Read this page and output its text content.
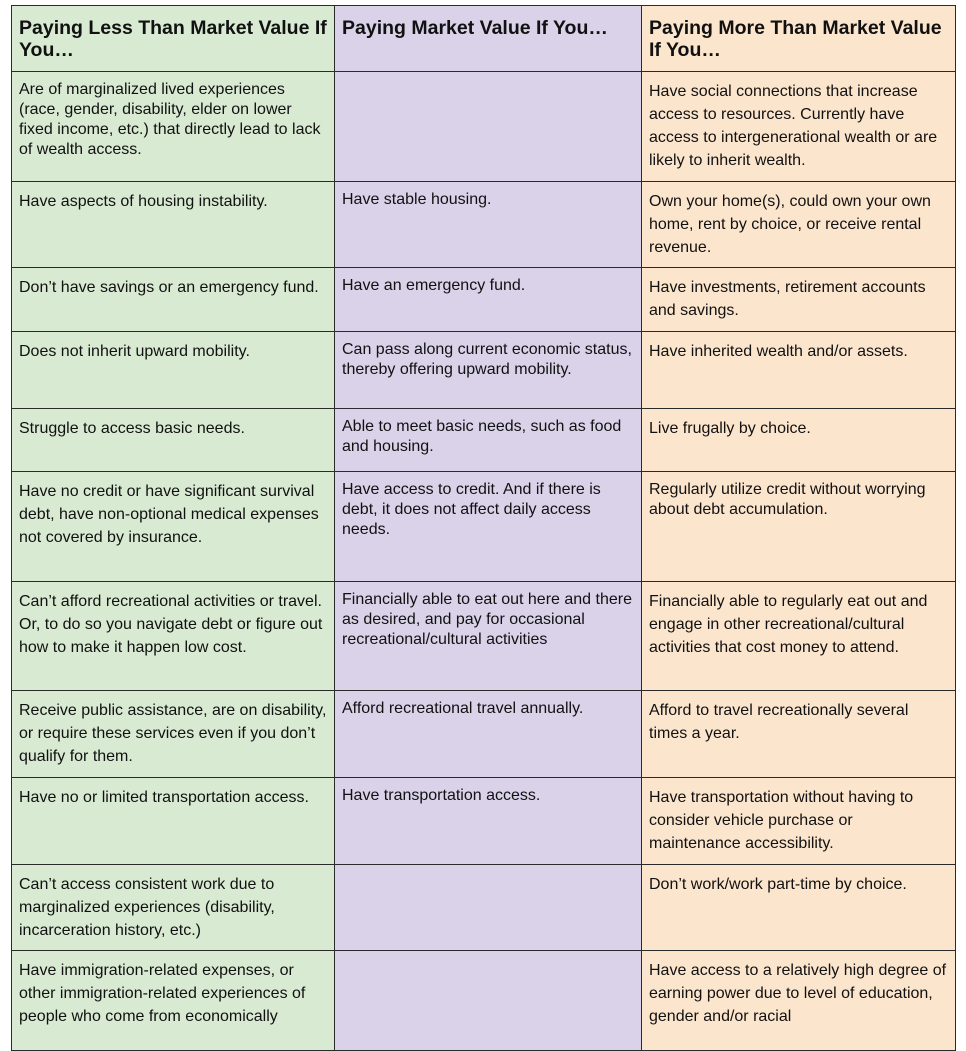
Paying Less Than Market Value If You…	Paying Market Value If You…	Paying More Than Market Value If You…
Are of marginalized lived experiences (race, gender, disability, elder on lower fixed income, etc.) that directly lead to lack of wealth access.		Have social connections that increase access to resources. Currently have access to intergenerational wealth or are likely to inherit wealth.
Have aspects of housing instability.	Have stable housing.	Own your home(s), could own your own home, rent by choice, or receive rental revenue.
Don’t have savings or an emergency fund.	Have an emergency fund.	Have investments, retirement accounts and savings.
Does not inherit upward mobility.	Can pass along current economic status, thereby offering upward mobility.	Have inherited wealth and/or assets.
Struggle to access basic needs.	Able to meet basic needs, such as food and housing.	Live frugally by choice.
Have no credit or have significant survival debt, have non-optional medical expenses not covered by insurance.	Have access to credit. And if there is debt, it does not affect daily access needs.	Regularly utilize credit without worrying about debt accumulation.
Can’t afford recreational activities or travel. Or, to do so you navigate debt or figure out how to make it happen low cost.	Financially able to eat out here and there as desired, and pay for occasional recreational/cultural activities	Financially able to regularly eat out and engage in other recreational/cultural activities that cost money to attend.
Receive public assistance, are on disability, or require these services even if you don’t qualify for them.	Afford recreational travel annually.	Afford to travel recreationally several times a year.
Have no or limited transportation access.	Have transportation access.	Have transportation without having to consider vehicle purchase or maintenance accessibility.
Can’t access consistent work due to marginalized experiences (disability, incarceration history, etc.)		Don’t work/work part-time by choice.
Have immigration-related expenses, or other immigration-related experiences of people who come from economically		Have access to a relatively high degree of earning power due to level of education, gender and/or racial
